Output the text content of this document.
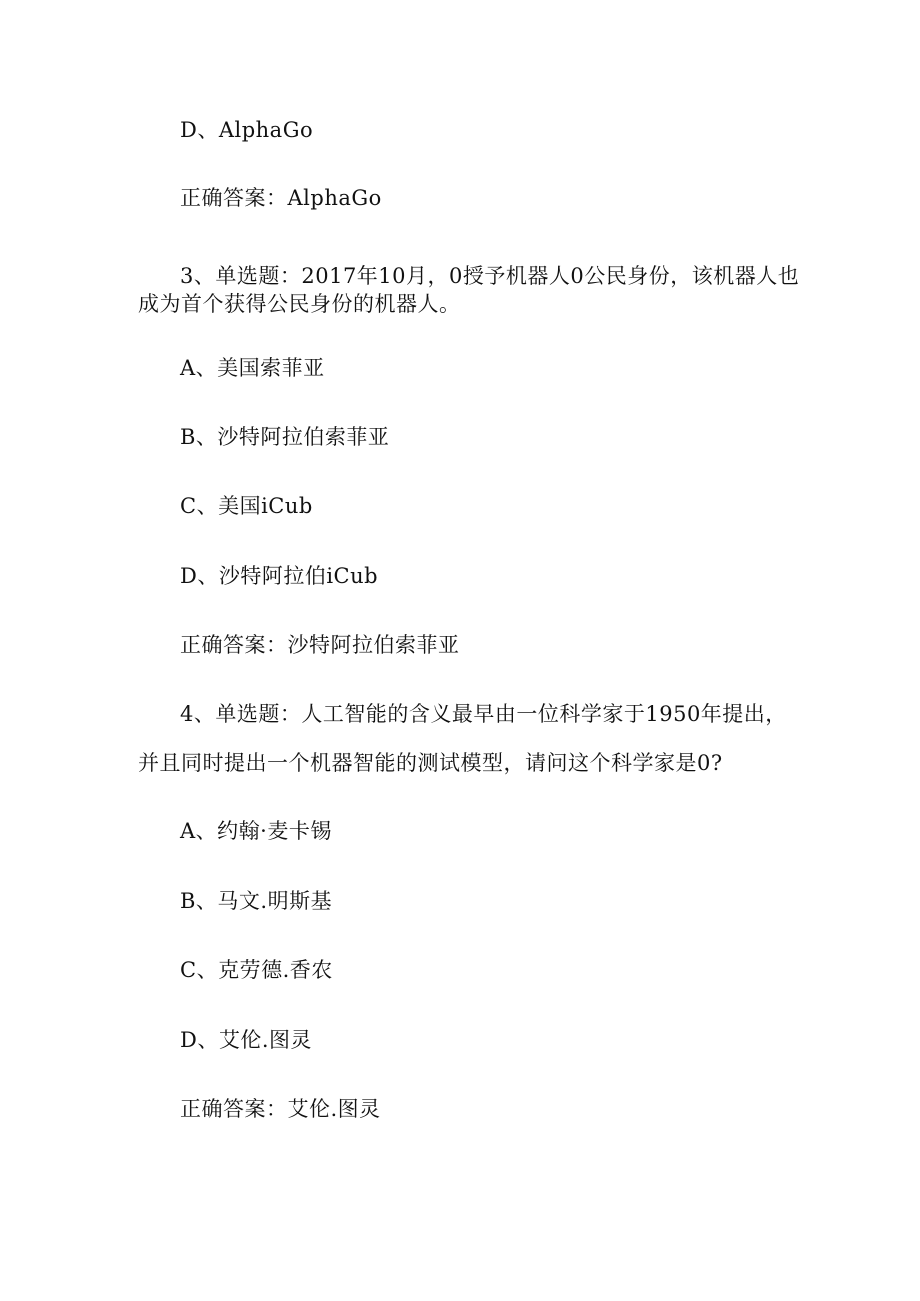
D、AlphaGo
正确答案：AlphaGo
3、单选题：2017年10月，0授予机器人0公民身份，该机器人也
成为首个获得公民身份的机器人。
A、美国索菲亚
B、沙特阿拉伯索菲亚
C、美国iCub
D、沙特阿拉伯iCub
正确答案：沙特阿拉伯索菲亚
4、单选题：人工智能的含义最早由一位科学家于1950年提出，
并且同时提出一个机器智能的测试模型，请问这个科学家是0?
A、约翰·麦卡锡
B、马文.明斯基
C、克劳德.香农
D、艾伦.图灵
正确答案：艾伦.图灵
